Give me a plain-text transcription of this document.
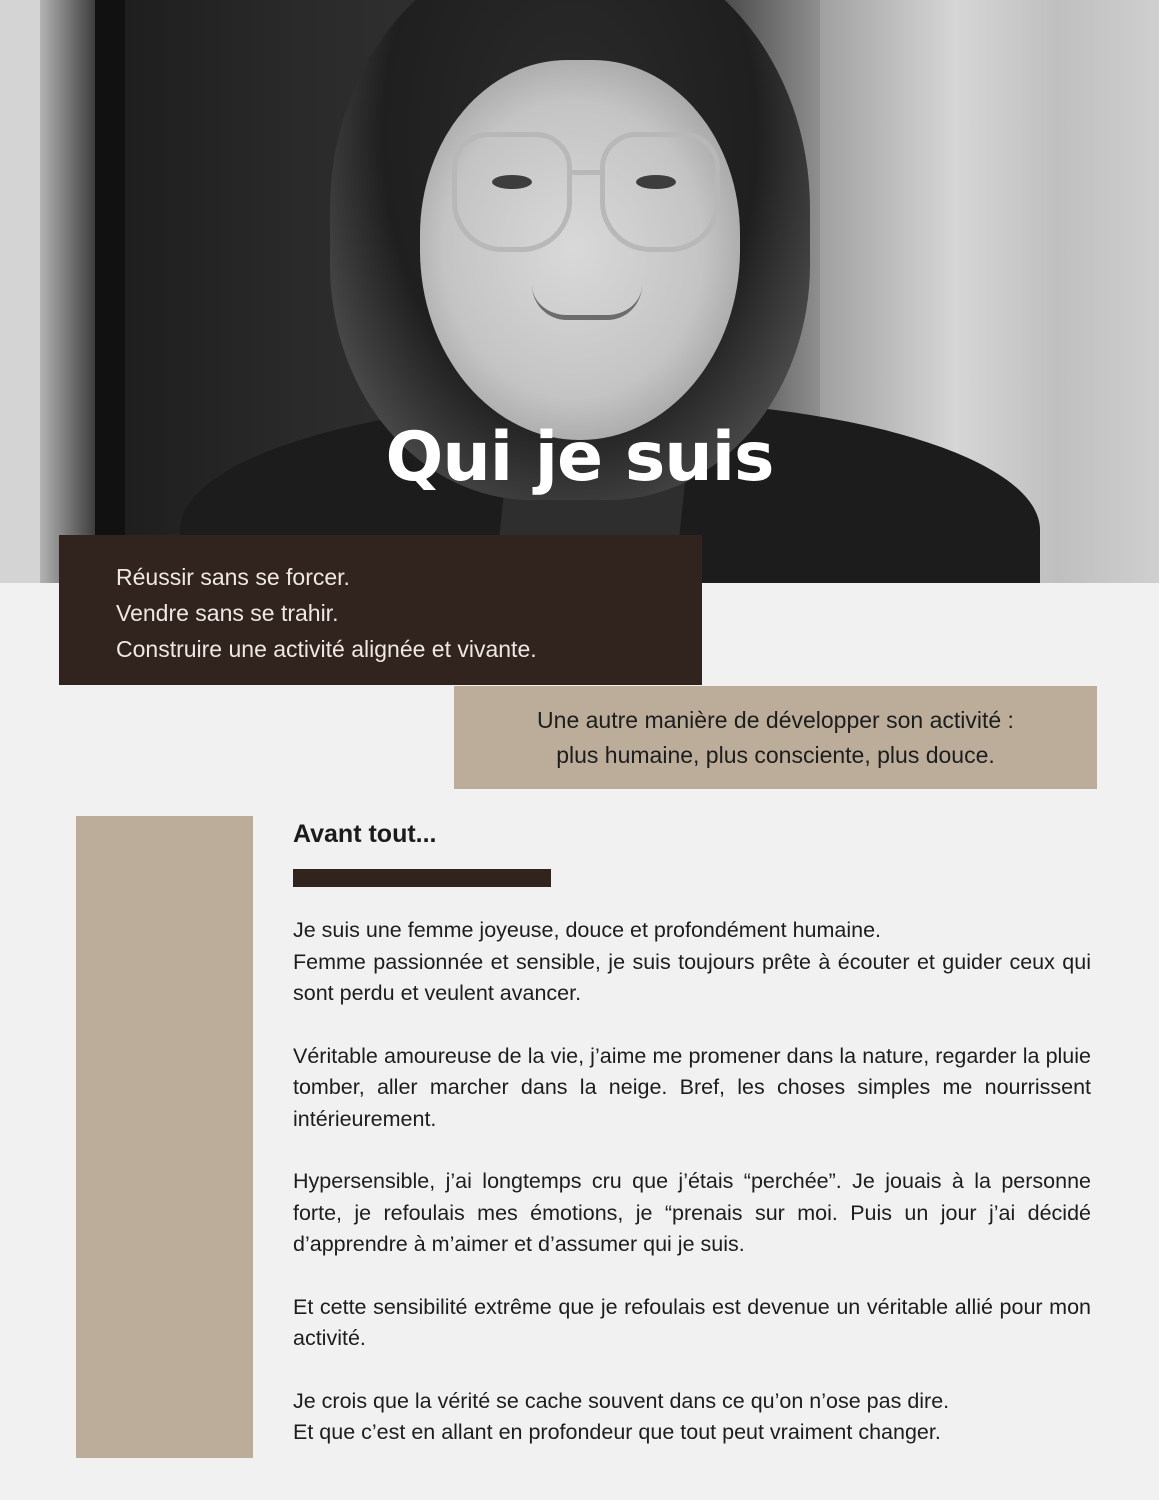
Qui je suis

Réussir sans se forcer.

Vendre sans se trahir.

Construire une activité alignée et vivante.

Une autre manière de développer son activité :

plus humaine, plus consciente, plus douce.

Avant tout...
Je suis une femme joyeuse, douce et profondément humaine.
Femme passionnée et sensible, je suis toujours prête à écouter et guider ceux qui sont perdu et veulent avancer.

Véritable amoureuse de la vie, j’aime me promener dans la nature, regarder la pluie tomber, aller marcher dans la neige. Bref, les choses simples me nourrissent intérieurement.

Hypersensible, j’ai longtemps cru que j’étais “perchée”. Je jouais à la personne forte, je refoulais mes émotions, je “prenais sur moi. Puis un jour j’ai décidé d’apprendre à m’aimer et d’assumer qui je suis.

Et cette sensibilité extrême que je refoulais est devenue un véritable allié pour mon activité.

Je crois que la vérité se cache souvent dans ce qu’on n’ose pas dire.
Et que c’est en allant en profondeur que tout peut vraiment changer.
